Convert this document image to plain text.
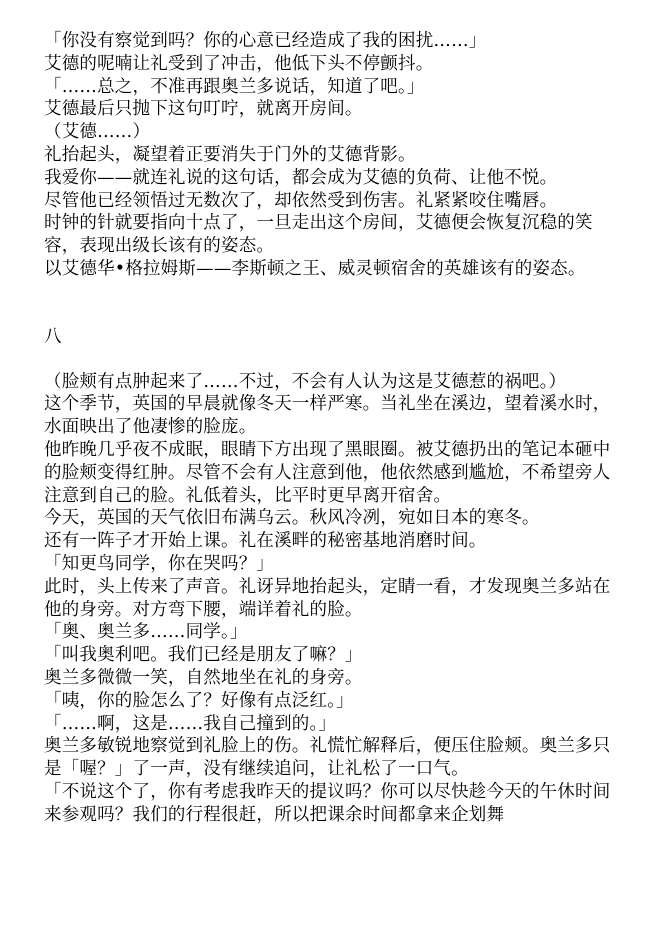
「你没有察觉到吗？你的心意已经造成了我的困扰……」

艾德的呢喃让礼受到了冲击，他低下头不停颤抖。

「……总之，不准再跟奥兰多说话，知道了吧。」

艾德最后只抛下这句叮咛，就离开房间。

（艾德……）

礼抬起头，凝望着正要消失于门外的艾德背影。

我爱你——就连礼说的这句话，都会成为艾德的负荷、让他不悦。

尽管他已经领悟过无数次了，却依然受到伤害。礼紧紧咬住嘴唇。

时钟的针就要指向十点了，一旦走出这个房间，艾德便会恢复沉稳的笑容，表现出级长该有的姿态。

以艾德华•格拉姆斯——李斯顿之王、威灵顿宿舍的英雄该有的姿态。

八

（脸颊有点肿起来了……不过，不会有人认为这是艾德惹的祸吧。）

这个季节，英国的早晨就像冬天一样严寒。当礼坐在溪边，望着溪水时，水面映出了他凄惨的脸庞。

他昨晚几乎夜不成眠，眼睛下方出现了黑眼圈。被艾德扔出的笔记本砸中的脸颊变得红肿。尽管不会有人注意到他，他依然感到尴尬，不希望旁人注意到自己的脸。礼低着头，比平时更早离开宿舍。

今天，英国的天气依旧布满乌云。秋风冷冽，宛如日本的寒冬。

还有一阵子才开始上课。礼在溪畔的秘密基地消磨时间。

「知更鸟同学，你在哭吗？」

此时，头上传来了声音。礼讶异地抬起头，定睛一看，才发现奥兰多站在他的身旁。对方弯下腰，端详着礼的脸。

「奥、奥兰多……同学。」

「叫我奥利吧。我们已经是朋友了嘛？」

奥兰多微微一笑，自然地坐在礼的身旁。

「咦，你的脸怎么了？好像有点泛红。」

「……啊，这是……我自己撞到的。」

奥兰多敏锐地察觉到礼脸上的伤。礼慌忙解释后，便压住脸颊。奥兰多只是「喔？」了一声，没有继续追问，让礼松了一口气。

「不说这个了，你有考虑我昨天的提议吗？你可以尽快趁今天的午休时间来参观吗？我们的行程很赶，所以把课余时间都拿来企划舞
